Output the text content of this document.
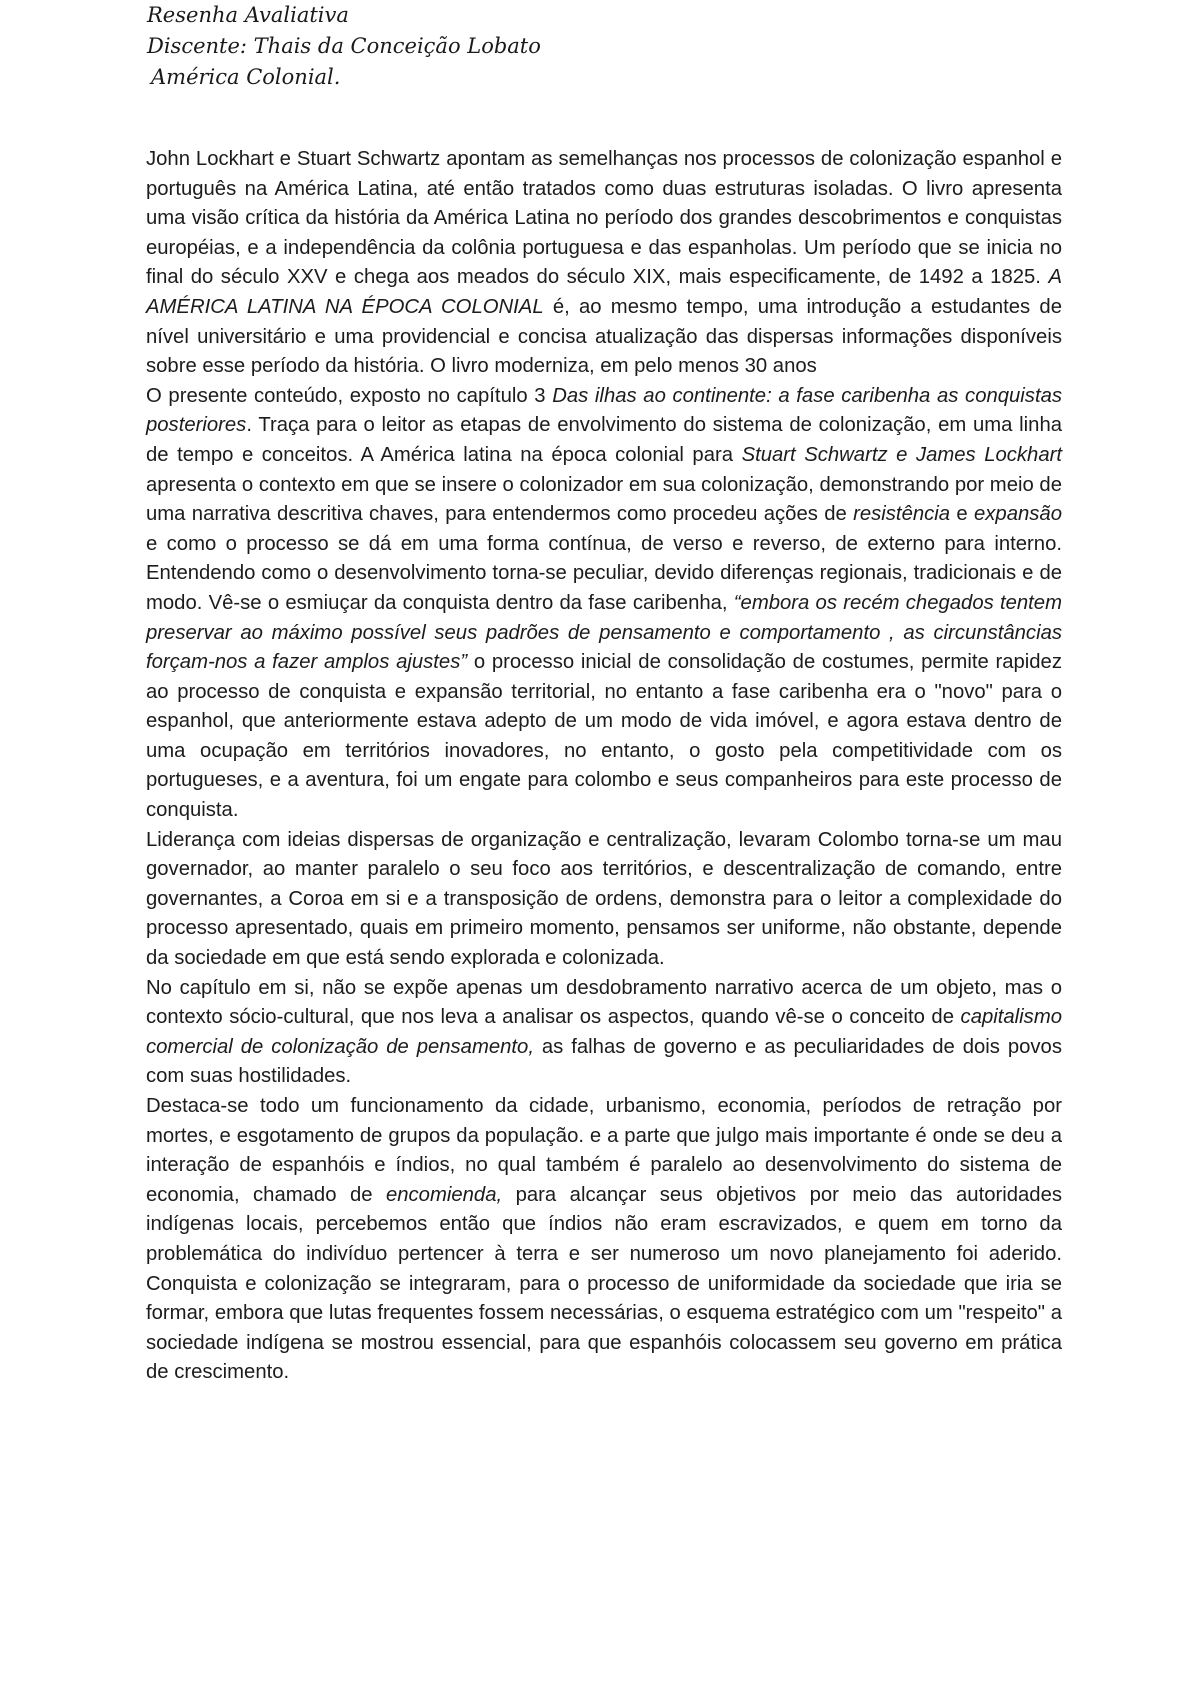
Resenha Avaliativa
Discente: Thais da Conceição Lobato
América Colonial.

John Lockhart e Stuart Schwartz apontam as semelhanças nos processos de colonização espanhol e português na América Latina, até então tratados como duas estruturas isoladas. O livro apresenta uma visão crítica da história da América Latina no período dos grandes descobrimentos e conquistas européias, e a independência da colônia portuguesa e das espanholas. Um período que se inicia no final do século XXV e chega aos meados do século XIX, mais especificamente, de 1492 a 1825. A AMÉRICA LATINA NA ÉPOCA COLONIAL é, ao mesmo tempo, uma introdução a estudantes de nível universitário e uma providencial e concisa atualização das dispersas informações disponíveis sobre esse período da história. O livro moderniza, em pelo menos 30 anos

O presente conteúdo, exposto no capítulo 3 Das ilhas ao continente: a fase caribenha as conquistas posteriores. Traça para o leitor as etapas de envolvimento do sistema de colonização, em uma linha de tempo e conceitos. A América latina na época colonial para Stuart Schwartz e James Lockhart apresenta o contexto em que se insere o colonizador em sua colonização, demonstrando por meio de uma narrativa descritiva chaves, para entendermos como procedeu ações de resistência e expansão e como o processo se dá em uma forma contínua, de verso e reverso, de externo para interno. Entendendo como o desenvolvimento torna-se peculiar, devido diferenças regionais, tradicionais e de modo. Vê-se o esmiuçar da conquista dentro da fase caribenha, “embora os recém chegados tentem preservar ao máximo possível seus padrões de pensamento e comportamento , as circunstâncias forçam-nos a fazer amplos ajustes” o processo inicial de consolidação de costumes, permite rapidez ao processo de conquista e expansão territorial, no entanto a fase caribenha era o "novo" para o espanhol, que anteriormente estava adepto de um modo de vida imóvel, e agora estava dentro de uma ocupação em territórios inovadores, no entanto, o gosto pela competitividade com os portugueses, e a aventura, foi um engate para colombo e seus companheiros para este processo de conquista.

Liderança com ideias dispersas de organização e centralização, levaram Colombo torna-se um mau governador, ao manter paralelo o seu foco aos territórios, e descentralização de comando, entre governantes, a Coroa em si e a transposição de ordens, demonstra para o leitor a complexidade do processo apresentado, quais em primeiro momento, pensamos ser uniforme, não obstante, depende da sociedade em que está sendo explorada e colonizada.

No capítulo em si, não se expõe apenas um desdobramento narrativo acerca de um objeto, mas o contexto sócio-cultural, que nos leva a analisar os aspectos, quando vê-se o conceito de capitalismo comercial de colonização de pensamento, as falhas de governo e as peculiaridades de dois povos com suas hostilidades.

Destaca-se todo um funcionamento da cidade, urbanismo, economia, períodos de retração por mortes, e esgotamento de grupos da população. e a parte que julgo mais importante é onde se deu a interação de espanhóis e índios, no qual também é paralelo ao desenvolvimento do sistema de economia, chamado de encomienda, para alcançar seus objetivos por meio das autoridades indígenas locais, percebemos então que índios não eram escravizados, e quem em torno da problemática do indivíduo pertencer à terra e ser numeroso um novo planejamento foi aderido. Conquista e colonização se integraram, para o processo de uniformidade da sociedade que iria se formar, embora que lutas frequentes fossem necessárias, o esquema estratégico com um "respeito" a sociedade indígena se mostrou essencial, para que espanhóis colocassem seu governo em prática de crescimento.
